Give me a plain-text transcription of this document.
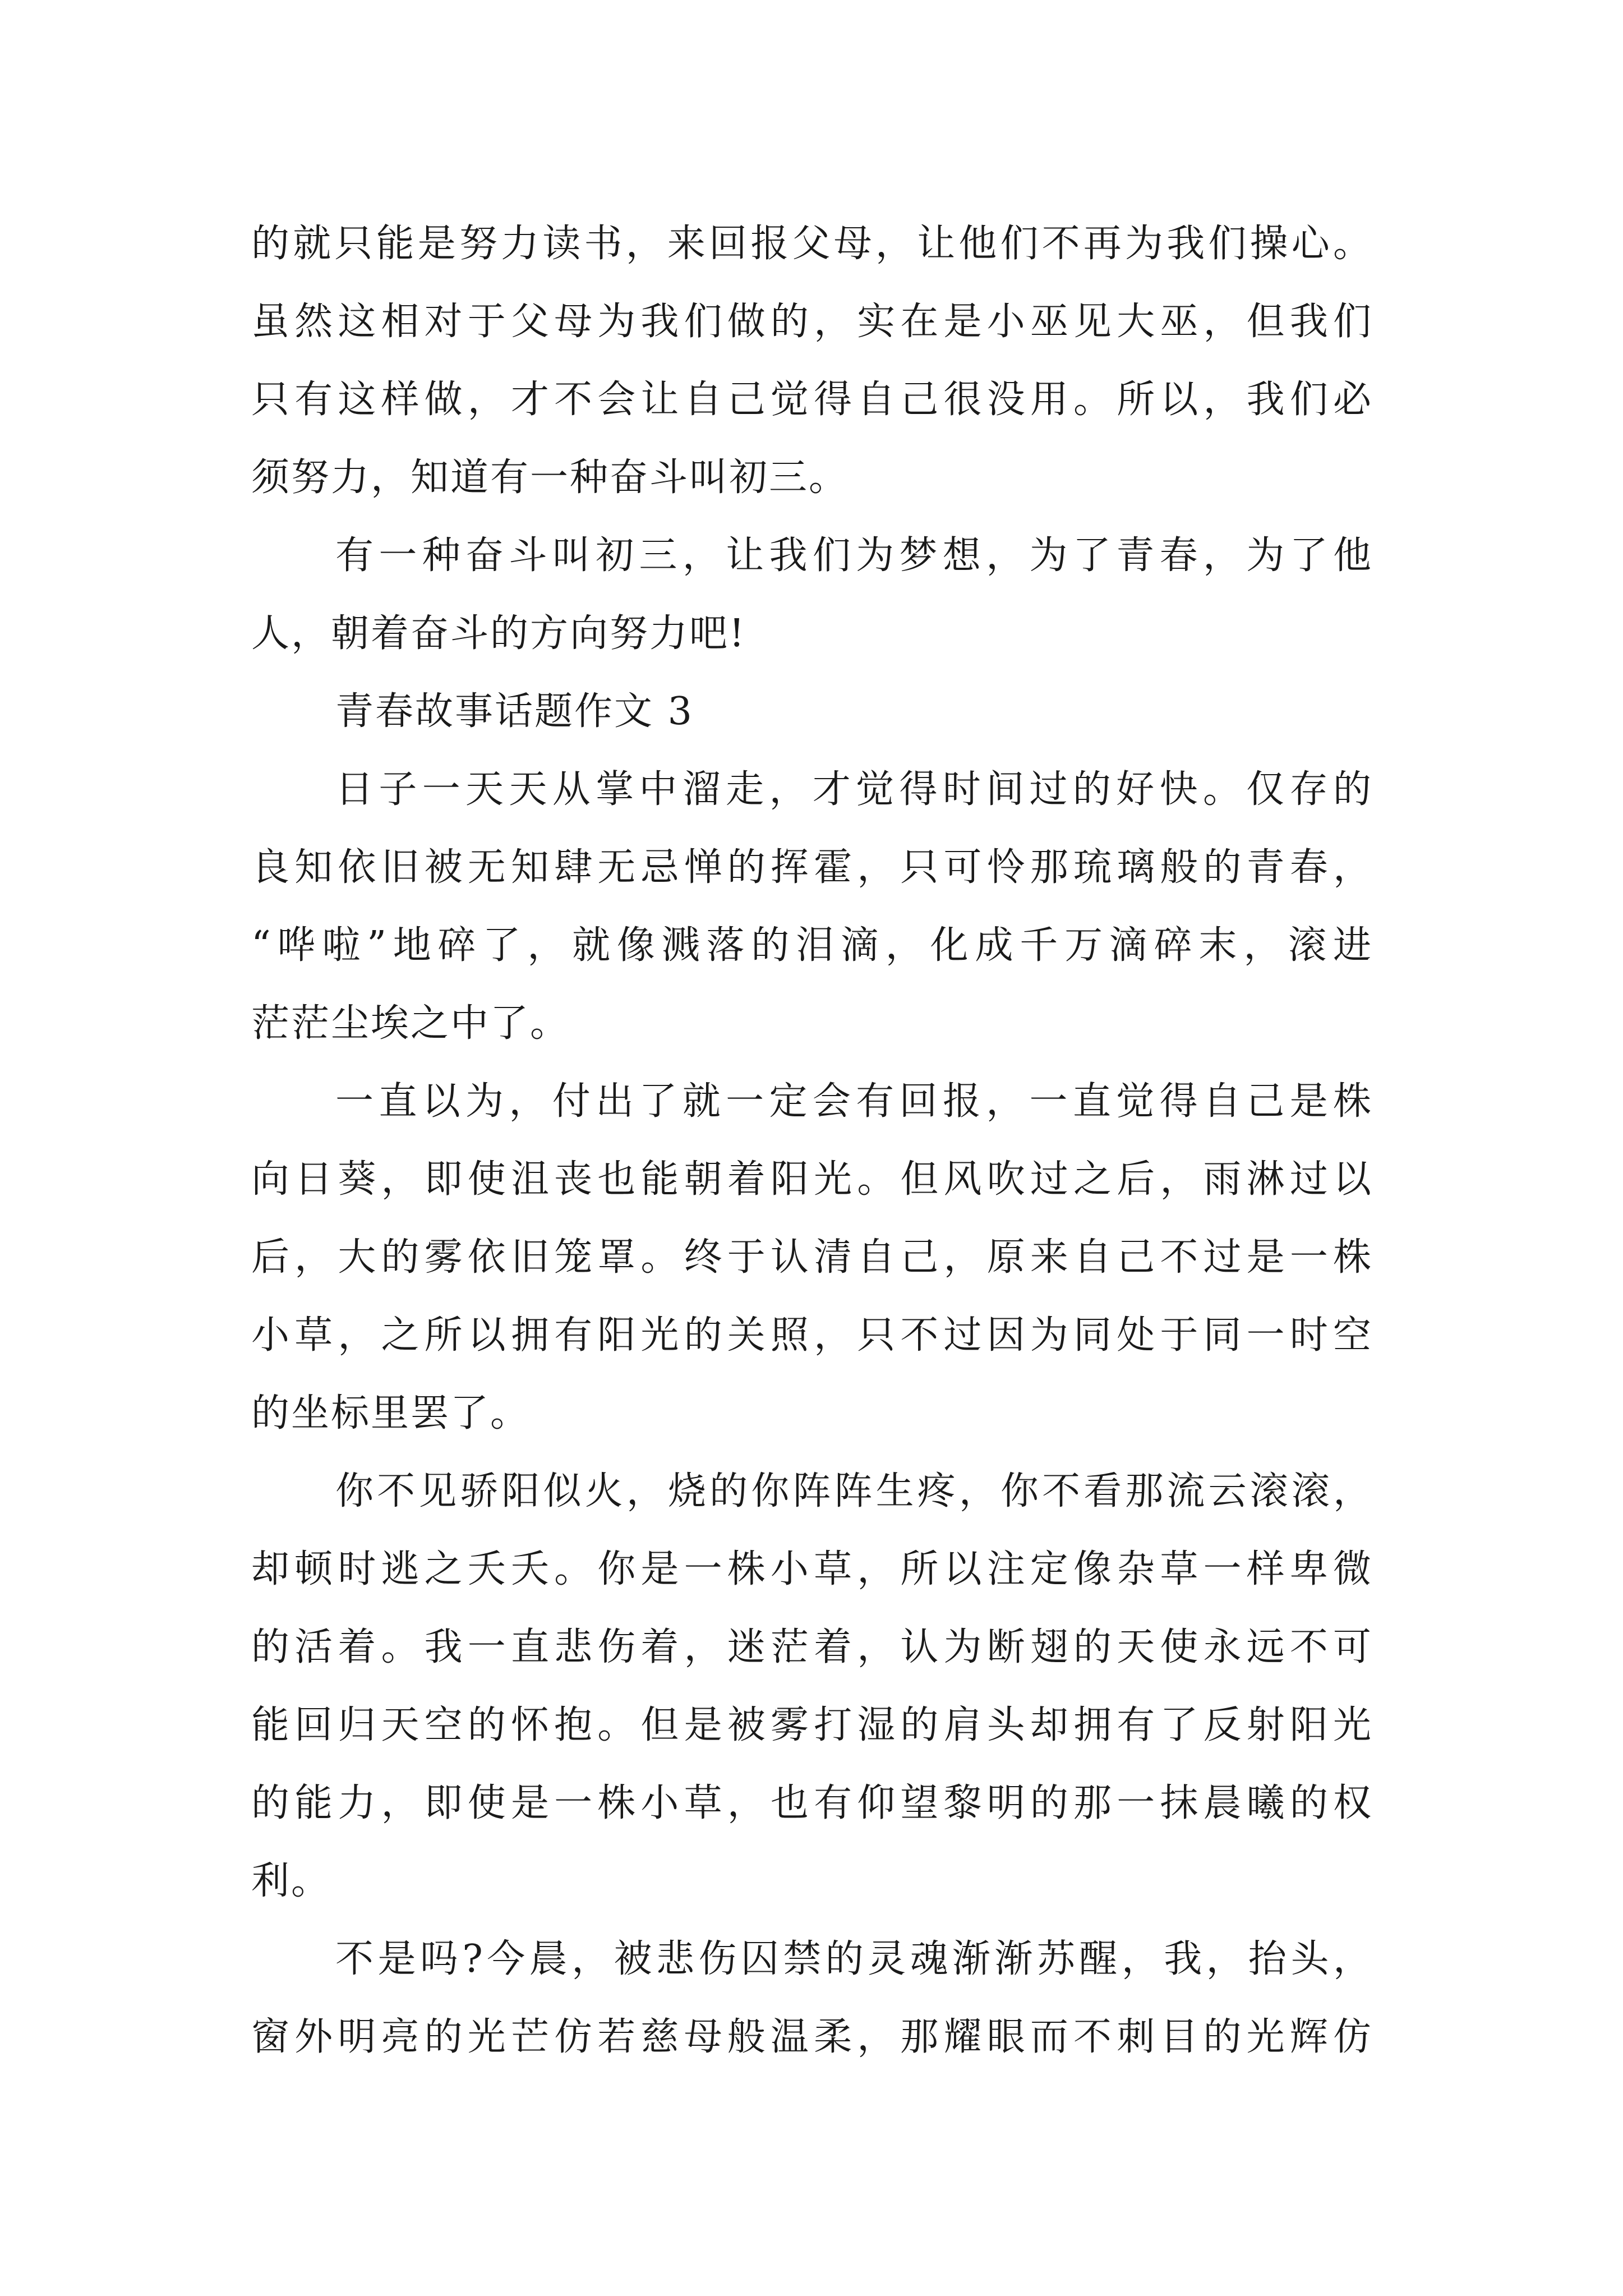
的就只能是努力读书，来回报父母，让他们不再为我们操心。
虽然这相对于父母为我们做的，实在是小巫见大巫，但我们
只有这样做，才不会让自己觉得自己很没用。所以，我们必
须努力，知道有一种奋斗叫初三。
有一种奋斗叫初三，让我们为梦想，为了青春，为了他
人，朝着奋斗的方向努力吧!
青春故事话题作文 3
日子一天天从掌中溜走，才觉得时间过的好快。仅存的
良知依旧被无知肆无忌惮的挥霍，只可怜那琉璃般的青春，
“哗啦”地碎了，就像溅落的泪滴，化成千万滴碎末，滚进
茫茫尘埃之中了。
一直以为，付出了就一定会有回报，一直觉得自己是株
向日葵，即使沮丧也能朝着阳光。但风吹过之后，雨淋过以
后，大的雾依旧笼罩。终于认清自己，原来自己不过是一株
小草，之所以拥有阳光的关照，只不过因为同处于同一时空
的坐标里罢了。
你不见骄阳似火，烧的你阵阵生疼，你不看那流云滚滚，
却顿时逃之夭夭。你是一株小草，所以注定像杂草一样卑微
的活着。我一直悲伤着，迷茫着，认为断翅的天使永远不可
能回归天空的怀抱。但是被雾打湿的肩头却拥有了反射阳光
的能力，即使是一株小草，也有仰望黎明的那一抹晨曦的权
利。
不是吗?今晨，被悲伤囚禁的灵魂渐渐苏醒，我，抬头，
窗外明亮的光芒仿若慈母般温柔，那耀眼而不刺目的光辉仿
